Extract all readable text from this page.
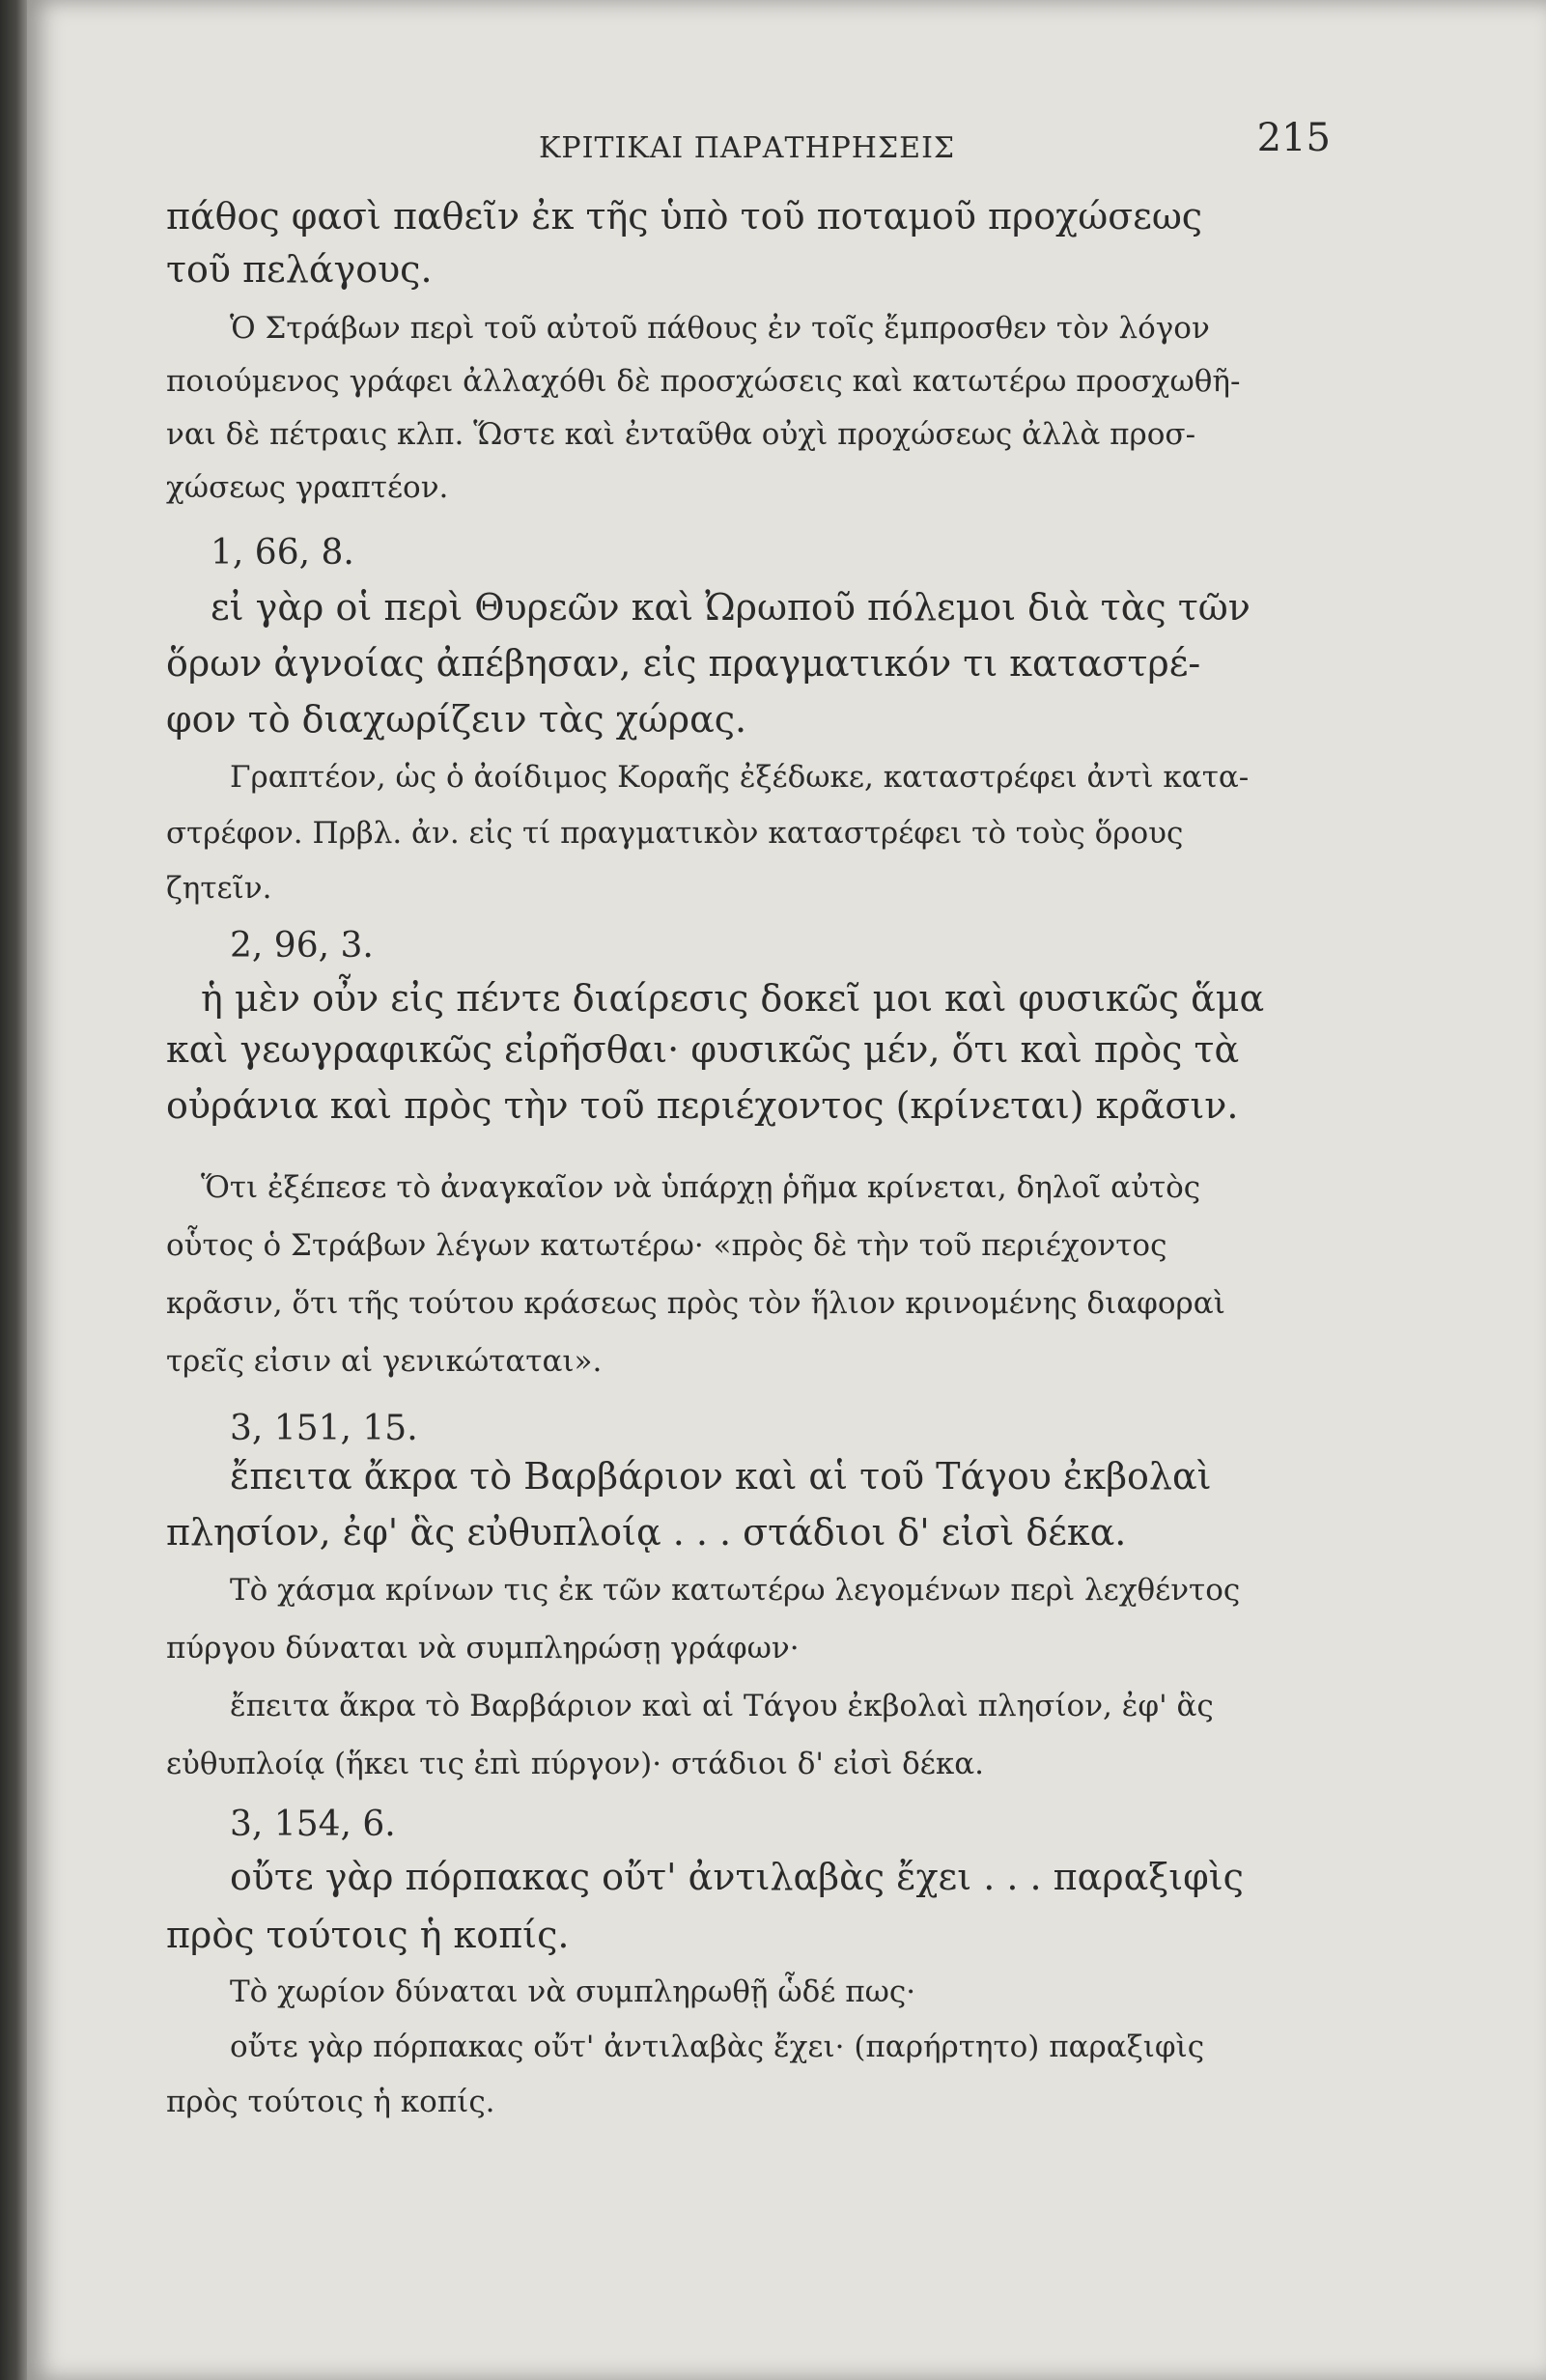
ΚΡΙΤΙΚΑΙ ΠΑΡΑΤΗΡΗΣΕΙΣ	215
πάθος φασὶ παθεῖν ἐκ τῆς ὑπὸ τοῦ ποταμοῦ προχώσεως
τοῦ πελάγους.
Ὁ Στράβων περὶ τοῦ αὐτοῦ πάθους ἐν τοῖς ἔμπροσθεν τὸν λόγον
ποιούμενος γράφει ἀλλαχόθι δὲ προσχώσεις καὶ κατωτέρω προσχωθῆ-
ναι δὲ πέτραις κλπ. Ὥστε καὶ ἐνταῦθα οὐχὶ προχώσεως ἀλλὰ προσ-
χώσεως γραπτέον.
1, 66, 8.
εἰ γὰρ οἱ περὶ Θυρεῶν καὶ Ὠρωποῦ πόλεμοι διὰ τὰς τῶν
ὅρων ἀγνοίας ἀπέβησαν, εἰς πραγματικόν τι καταστρέ-
φον τὸ διαχωρίζειν τὰς χώρας.
Γραπτέον, ὡς ὁ ἀοίδιμος Κοραῆς ἐξέδωκε, καταστρέφει ἀντὶ κατα-
στρέφον. Πρβλ. ἀν. εἰς τί πραγματικὸν καταστρέφει τὸ τοὺς ὅρους
ζητεῖν.
2, 96, 3.
ἡ μὲν οὖν εἰς πέντε διαίρεσις δοκεῖ μοι καὶ φυσικῶς ἅμα
καὶ γεωγραφικῶς εἰρῆσθαι· φυσικῶς μέν, ὅτι καὶ πρὸς τὰ
οὐράνια καὶ πρὸς τὴν τοῦ περιέχοντος (κρίνεται) κρᾶσιν.
Ὅτι ἐξέπεσε τὸ ἀναγκαῖον νὰ ὑπάρχῃ ῥῆμα κρίνεται, δηλοῖ αὐτὸς
οὗτος ὁ Στράβων λέγων κατωτέρω· «πρὸς δὲ τὴν τοῦ περιέχοντος
κρᾶσιν, ὅτι τῆς τούτου κράσεως πρὸς τὸν ἥλιον κρινομένης διαφοραὶ
τρεῖς εἰσιν αἱ γενικώταται».
3, 151, 15.
ἔπειτα ἄκρα τὸ Βαρβάριον καὶ αἱ τοῦ Τάγου ἐκβολαὶ
πλησίον, ἐφ' ἃς εὐθυπλοίᾳ . . . στάδιοι δ' εἰσὶ δέκα.
Τὸ χάσμα κρίνων τις ἐκ τῶν κατωτέρω λεγομένων περὶ λεχθέντος
πύργου δύναται νὰ συμπληρώσῃ γράφων·
ἔπειτα ἄκρα τὸ Βαρβάριον καὶ αἱ Τάγου ἐκβολαὶ πλησίον, ἐφ' ἃς
εὐθυπλοίᾳ (ἥκει τις ἐπὶ πύργον)· στάδιοι δ' εἰσὶ δέκα.
3, 154, 6.
οὔτε γὰρ πόρπακας οὔτ' ἀντιλαβὰς ἔχει . . . παραξιφὶς
πρὸς τούτοις ἡ κοπίς.
Τὸ χωρίον δύναται νὰ συμπληρωθῇ ὧδέ πως·
οὔτε γὰρ πόρπακας οὔτ' ἀντιλαβὰς ἔχει· (παρήρτητο) παραξιφὶς
πρὸς τούτοις ἡ κοπίς.
